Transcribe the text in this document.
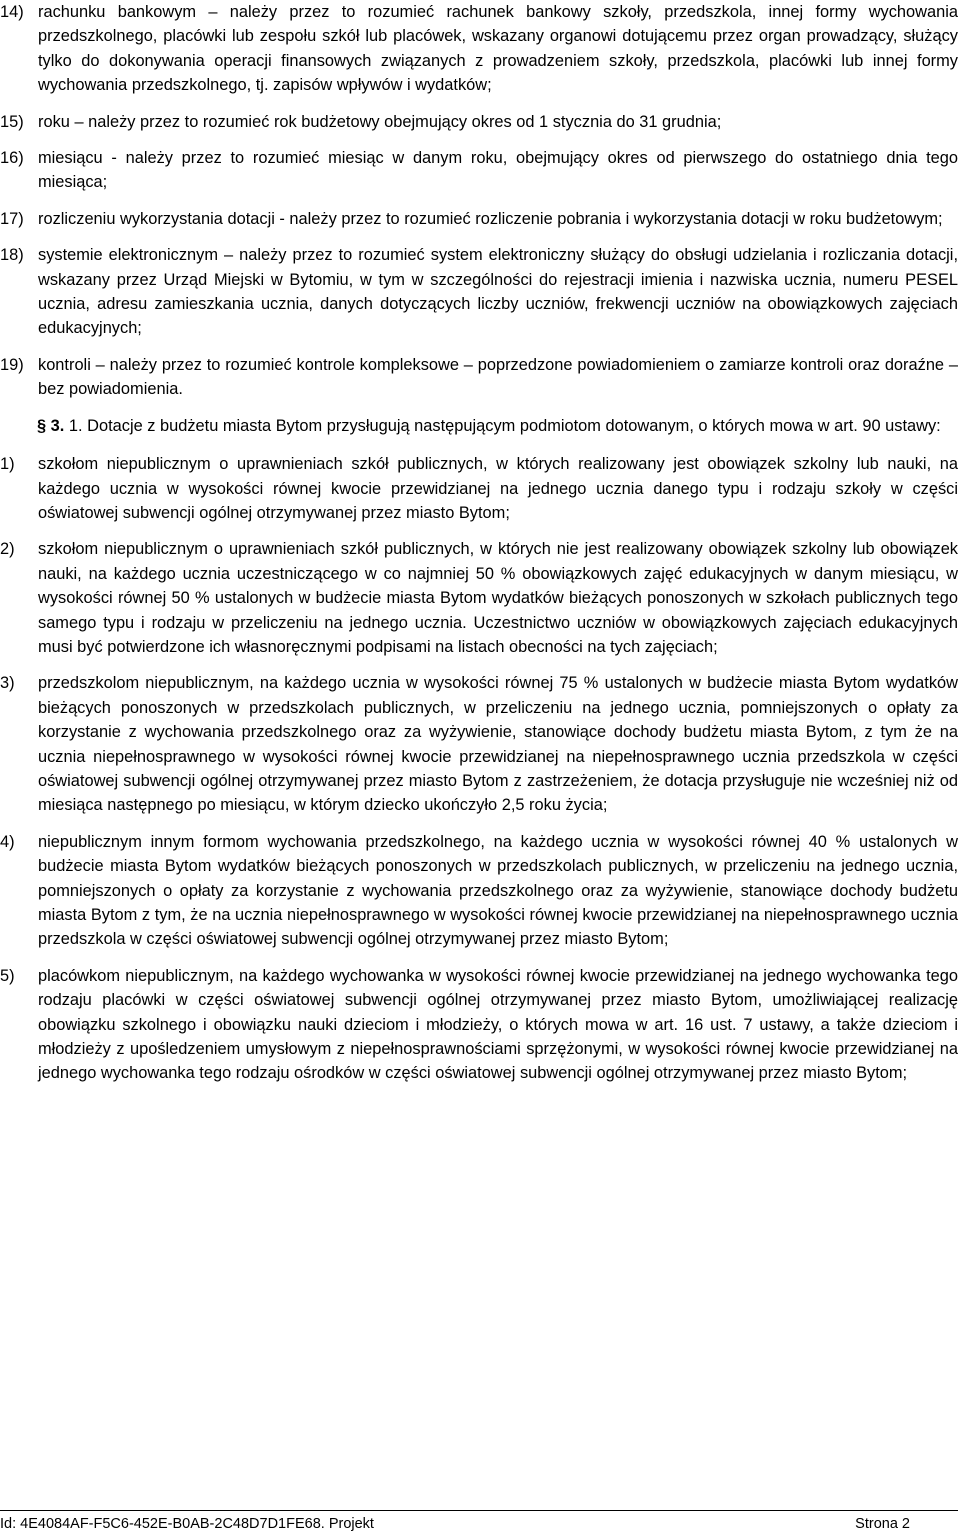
14) rachunku bankowym – należy przez to rozumieć rachunek bankowy szkoły, przedszkola, innej formy wychowania przedszkolnego, placówki lub zespołu szkół lub placówek, wskazany organowi dotującemu przez organ prowadzący, służący tylko do dokonywania operacji finansowych związanych z prowadzeniem szkoły, przedszkola, placówki lub innej formy wychowania przedszkolnego, tj. zapisów wpływów i wydatków;
15) roku – należy przez to rozumieć rok budżetowy obejmujący okres od 1 stycznia do 31 grudnia;
16) miesiącu - należy przez to rozumieć miesiąc w danym roku, obejmujący okres od pierwszego do ostatniego dnia tego miesiąca;
17) rozliczeniu wykorzystania dotacji - należy przez to rozumieć rozliczenie pobrania i wykorzystania dotacji w roku budżetowym;
18) systemie elektronicznym – należy przez to rozumieć system elektroniczny służący do obsługi udzielania i rozliczania dotacji, wskazany przez Urząd Miejski w Bytomiu, w tym w szczególności do rejestracji imienia i nazwiska ucznia, numeru PESEL ucznia, adresu zamieszkania ucznia, danych dotyczących liczby uczniów, frekwencji uczniów na obowiązkowych zajęciach edukacyjnych;
19) kontroli – należy przez to rozumieć kontrole kompleksowe – poprzedzone powiadomieniem o zamiarze kontroli oraz doraźne – bez powiadomienia.

§ 3. 1. Dotacje z budżetu miasta Bytom przysługują następującym podmiotom dotowanym, o których mowa w art. 90 ustawy:

1)	szkołom niepublicznym o uprawnieniach szkół publicznych, w których realizowany jest obowiązek szkolny lub nauki, na każdego ucznia w wysokości równej kwocie przewidzianej na jednego ucznia danego typu i rodzaju szkoły w części oświatowej subwencji ogólnej otrzymywanej przez miasto Bytom;
2)	szkołom niepublicznym o uprawnieniach szkół publicznych, w których nie jest realizowany obowiązek szkolny lub obowiązek nauki, na każdego ucznia uczestniczącego w co najmniej 50 % obowiązkowych zajęć edukacyjnych w danym miesiącu, w wysokości równej 50 % ustalonych w budżecie miasta Bytom wydatków bieżących ponoszonych w szkołach publicznych tego samego typu i rodzaju w przeliczeniu na jednego ucznia. Uczestnictwo uczniów w obowiązkowych zajęciach edukacyjnych musi być potwierdzone ich własnoręcznymi podpisami na listach obecności na tych zajęciach;
3)	przedszkolom niepublicznym, na każdego ucznia w wysokości równej 75 % ustalonych w budżecie miasta Bytom wydatków bieżących ponoszonych w przedszkolach publicznych, w przeliczeniu na jednego ucznia, pomniejszonych o opłaty za korzystanie z wychowania przedszkolnego oraz za wyżywienie, stanowiące dochody budżetu miasta Bytom, z tym że na ucznia niepełnosprawnego w wysokości równej kwocie przewidzianej na niepełnosprawnego ucznia przedszkola w części oświatowej subwencji ogólnej otrzymywanej przez miasto Bytom z zastrzeżeniem, że dotacja przysługuje nie wcześniej niż od miesiąca następnego po miesiącu, w którym dziecko ukończyło 2,5 roku życia;
4)	niepublicznym innym formom wychowania przedszkolnego, na każdego ucznia w wysokości równej 40 % ustalonych w budżecie miasta Bytom wydatków bieżących ponoszonych w przedszkolach publicznych, w przeliczeniu na jednego ucznia, pomniejszonych o opłaty za korzystanie z wychowania przedszkolnego oraz za wyżywienie, stanowiące dochody budżetu miasta Bytom z tym, że na ucznia niepełnosprawnego w wysokości równej kwocie przewidzianej na niepełnosprawnego ucznia przedszkola w części oświatowej subwencji ogólnej otrzymywanej przez miasto Bytom;
5)	placówkom niepublicznym, na każdego wychowanka w wysokości równej kwocie przewidzianej na jednego wychowanka tego rodzaju placówki w części oświatowej subwencji ogólnej otrzymywanej przez miasto Bytom, umożliwiającej realizację obowiązku szkolnego i obowiązku nauki dzieciom i młodzieży, o których mowa w art. 16 ust. 7 ustawy, a także dzieciom i młodzieży z upośledzeniem umysłowym z niepełnosprawnościami sprzężonymi, w wysokości równej kwocie przewidzianej na jednego wychowanka tego rodzaju ośrodków w części oświatowej subwencji ogólnej otrzymywanej przez miasto Bytom;
Id: 4E4084AF-F5C6-452E-B0AB-2C48D7D1FE68. Projekt	Strona 2
